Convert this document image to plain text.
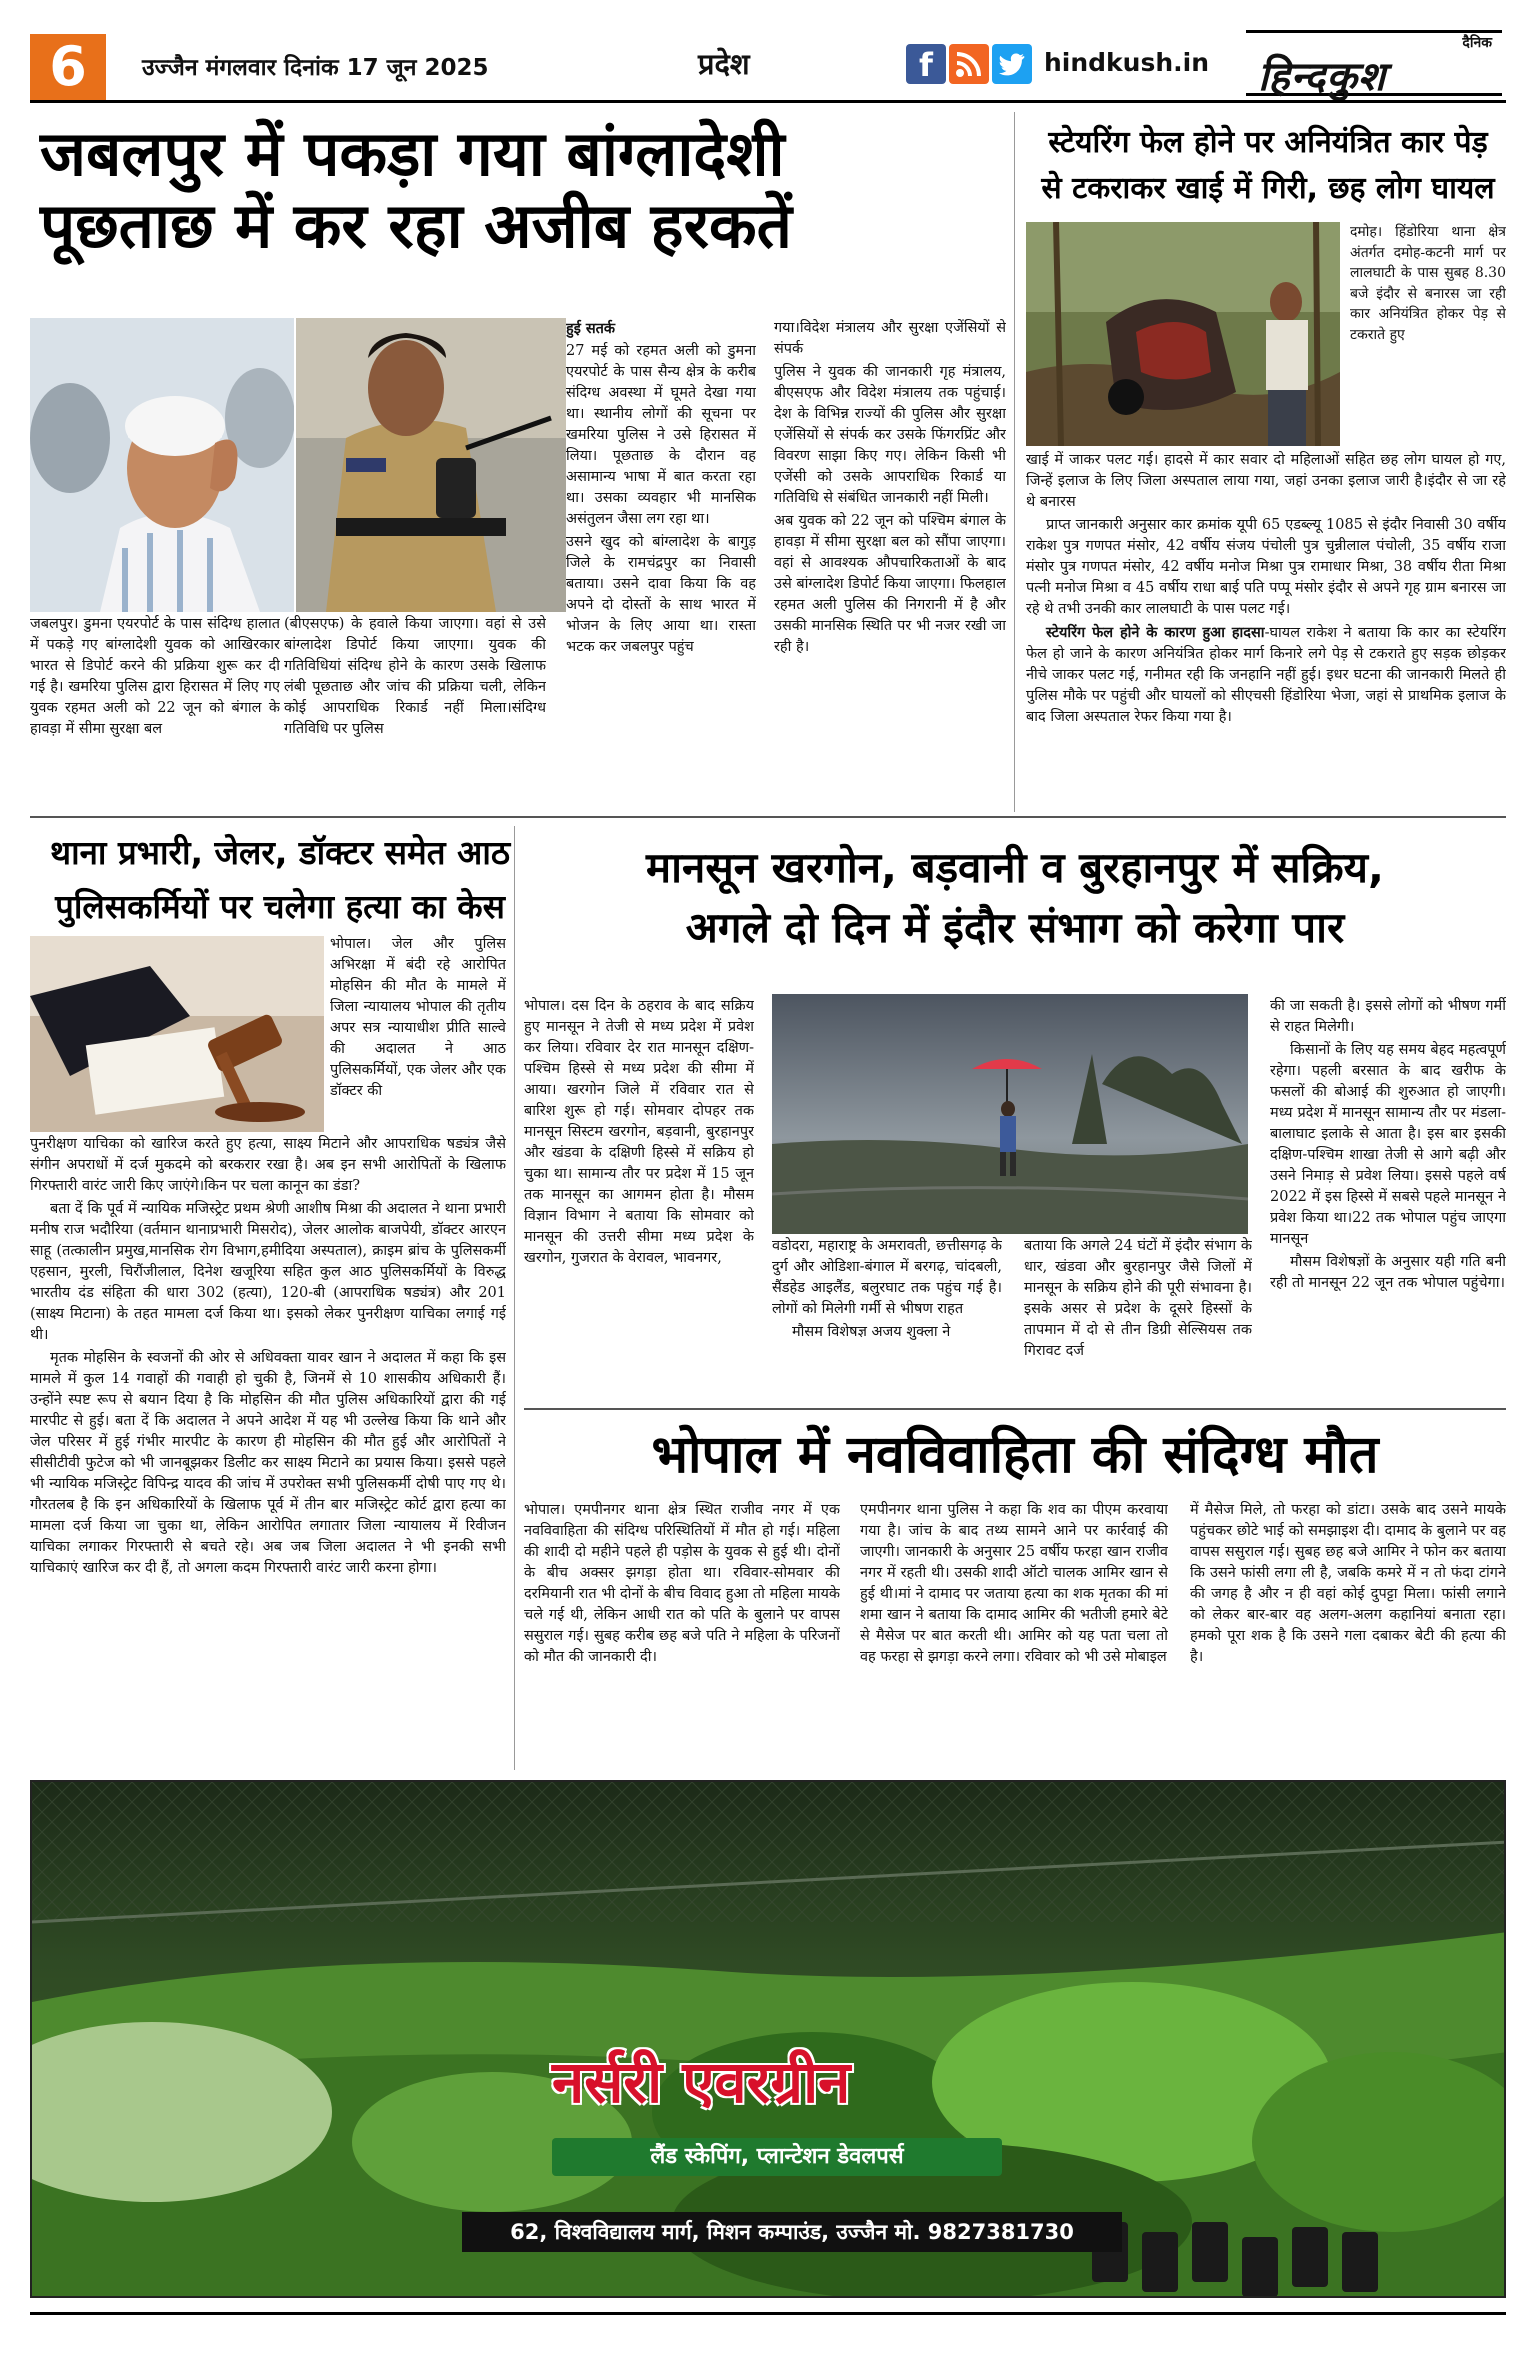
6	उज्जैन मंगलवार दिनांक 17 जून 2025	प्रदेश	f	hindkush.in
दैनिक
हिन्दकुश
जबलपुर में पकड़ा गया बांग्लादेशी
पूछताछ में कर रहा अजीब हरकतें
जबलपुर। डुमना एयरपोर्ट के पास संदिग्ध हालात में पकड़े गए बांग्लादेशी युवक को आखिरकार भारत से डिपोर्ट करने की प्रक्रिया शुरू कर दी गई है। खमरिया पुलिस द्वारा हिरासत में लिए गए युवक रहमत अली को 22 जून को बंगाल के हावड़ा में सीमा सुरक्षा बल
(बीएसएफ) के हवाले किया जाएगा। वहां से उसे बांग्लादेश डिपोर्ट किया जाएगा। युवक की गतिविधियां संदिग्ध होने के कारण उसके खिलाफ लंबी पूछताछ और जांच की प्रक्रिया चली, लेकिन कोई आपराधिक रिकार्ड नहीं मिला।संदिग्ध गतिविधि पर पुलिस

हुई सतर्क

27 मई को रहमत अली को डुमना एयरपोर्ट के पास सैन्य क्षेत्र के करीब संदिग्ध अवस्था में घूमते देखा गया था। स्थानीय लोगों की सूचना पर खमरिया पुलिस ने उसे हिरासत में लिया। पूछताछ के दौरान वह असामान्य भाषा में बात करता रहा था। उसका व्यवहार भी मानसिक असंतुलन जैसा लग रहा था।

उसने खुद को बांग्लादेश के बागुड़ जिले के रामचंद्रपुर का निवासी बताया। उसने दावा किया कि वह अपने दो दोस्तों के साथ भारत में भोजन के लिए आया था। रास्ता भटक कर जबलपुर पहुंच

गया।विदेश मंत्रालय और सुरक्षा एजेंसियों से संपर्क

पुलिस ने युवक की जानकारी गृह मंत्रालय, बीएसएफ और विदेश मंत्रालय तक पहुंचाई। देश के विभिन्न राज्यों की पुलिस और सुरक्षा एजेंसियों से संपर्क कर उसके फिंगरप्रिंट और विवरण साझा किए गए। लेकिन किसी भी एजेंसी को उसके आपराधिक रिकार्ड या गतिविधि से संबंधित जानकारी नहीं मिली।

अब युवक को 22 जून को पश्चिम बंगाल के हावड़ा में सीमा सुरक्षा बल को सौंपा जाएगा। वहां से आवश्यक औपचारिकताओं के बाद उसे बांग्लादेश डिपोर्ट किया जाएगा। फिलहाल रहमत अली पुलिस की निगरानी में है और उसकी मानसिक स्थिति पर भी नजर रखी जा रही है।

स्टेयरिंग फेल होने पर अनियंत्रित कार पेड़
से टकराकर खाई में गिरी, छह लोग घायल
दमोह। हिंडोरिया थाना क्षेत्र अंतर्गत दमोह-कटनी मार्ग पर लालघाटी के पास सुबह 8.30 बजे इंदौर से बनारस जा रही कार अनियंत्रित होकर पेड़ से टकराते हुए

खाई में जाकर पलट गई। हादसे में कार सवार दो महिलाओं सहित छह लोग घायल हो गए, जिन्हें इलाज के लिए जिला अस्पताल लाया गया, जहां उनका इलाज जारी है।इंदौर से जा रहे थे बनारस

प्राप्त जानकारी अनुसार कार क्रमांक यूपी 65 एडब्ल्यू 1085 से इंदौर निवासी 30 वर्षीय राकेश पुत्र गणपत मंसोर, 42 वर्षीय संजय पंचोली पुत्र चुन्नीलाल पंचोली, 35 वर्षीय राजा मंसोर पुत्र गणपत मंसोर, 42 वर्षीय मनोज मिश्रा पुत्र रामाधार मिश्रा, 38 वर्षीय रीता मिश्रा पत्नी मनोज मिश्रा व 45 वर्षीय राधा बाई पति पप्पू मंसोर इंदौर से अपने गृह ग्राम बनारस जा रहे थे तभी उनकी कार लालघाटी के पास पलट गई।

स्टेयरिंग फेल होने के कारण हुआ हादसा-घायल राकेश ने बताया कि कार का स्टेयरिंग फेल हो जाने के कारण अनियंत्रित होकर मार्ग किनारे लगे पेड़ से टकराते हुए सड़क छोड़कर नीचे जाकर पलट गई, गनीमत रही कि जनहानि नहीं हुई। इधर घटना की जानकारी मिलते ही पुलिस मौके पर पहुंची और घायलों को सीएचसी हिंडोरिया भेजा, जहां से प्राथमिक इलाज के बाद जिला अस्पताल रेफर किया गया है।

थाना प्रभारी, जेलर, डॉक्टर समेत आठ
पुलिसकर्मियों पर चलेगा हत्या का केस
भोपाल। जेल और पुलिस अभिरक्षा में बंदी रहे आरोपित मोहसिन की मौत के मामले में जिला न्यायालय भोपाल की तृतीय अपर सत्र न्यायाधीश प्रीति साल्वे की अदालत ने आठ पुलिसकर्मियों, एक जेलर और एक डॉक्टर की

पुनरीक्षण याचिका को खारिज करते हुए हत्या, साक्ष्य मिटाने और आपराधिक षड्यंत्र जैसे संगीन अपराधों में दर्ज मुकदमे को बरकरार रखा है। अब इन सभी आरोपितों के खिलाफ गिरफ्तारी वारंट जारी किए जाएंगे।किन पर चला कानून का डंडा?

बता दें कि पूर्व में न्यायिक मजिस्ट्रेट प्रथम श्रेणी आशीष मिश्रा की अदालत ने थाना प्रभारी मनीष राज भदौरिया (वर्तमान थानाप्रभारी मिसरोद), जेलर आलोक बाजपेयी, डॉक्टर आरएन साहू (तत्कालीन प्रमुख,मानसिक रोग विभाग,हमीदिया अस्पताल), क्राइम ब्रांच के पुलिसकर्मी एहसान, मुरली, चिरौंजीलाल, दिनेश खजूरिया सहित कुल आठ पुलिसकर्मियों के विरुद्ध भारतीय दंड संहिता की धारा 302 (हत्या), 120-बी (आपराधिक षड्यंत्र) और 201 (साक्ष्य मिटाना) के तहत मामला दर्ज किया था। इसको लेकर पुनरीक्षण याचिका लगाई गई थी।

मृतक मोहसिन के स्वजनों की ओर से अधिवक्ता यावर खान ने अदालत में कहा कि इस मामले में कुल 14 गवाहों की गवाही हो चुकी है, जिनमें से 10 शासकीय अधिकारी हैं। उन्होंने स्पष्ट रूप से बयान दिया है कि मोहसिन की मौत पुलिस अधिकारियों द्वारा की गई मारपीट से हुई। बता दें कि अदालत ने अपने आदेश में यह भी उल्लेख किया कि थाने और जेल परिसर में हुई गंभीर मारपीट के कारण ही मोहसिन की मौत हुई और आरोपितों ने सीसीटीवी फुटेज को भी जानबूझकर डिलीट कर साक्ष्य मिटाने का प्रयास किया। इससे पहले भी न्यायिक मजिस्ट्रेट विपिन्द्र यादव की जांच में उपरोक्त सभी पुलिसकर्मी दोषी पाए गए थे। गौरतलब है कि इन अधिकारियों के खिलाफ पूर्व में तीन बार मजिस्ट्रेट कोर्ट द्वारा हत्या का मामला दर्ज किया जा चुका था, लेकिन आरोपित लगातार जिला न्यायालय में रिवीजन याचिका लगाकर गिरफ्तारी से बचते रहे। अब जब जिला अदालत ने भी इनकी सभी याचिकाएं खारिज कर दी हैं, तो अगला कदम गिरफ्तारी वारंट जारी करना होगा।

मानसून खरगोन, बड़वानी व बुरहानपुर में सक्रिय,
अगले दो दिन में इंदौर संभाग को करेगा पार
भोपाल। दस दिन के ठहराव के बाद सक्रिय हुए मानसून ने तेजी से मध्य प्रदेश में प्रवेश कर लिया। रविवार देर रात मानसून दक्षिण-पश्चिम हिस्से से मध्य प्रदेश की सीमा में आया। खरगोन जिले में रविवार रात से बारिश शुरू हो गई। सोमवार दोपहर तक मानसून सिस्टम खरगोन, बड़वानी, बुरहानपुर और खंडवा के दक्षिणी हिस्से में सक्रिय हो चुका था। सामान्य तौर पर प्रदेश में 15 जून तक मानसून का आगमन होता है। मौसम विज्ञान विभाग ने बताया कि सोमवार को मानसून की उत्तरी सीमा मध्य प्रदेश के खरगोन, गुजरात के वेरावल, भावनगर,

वडोदरा, महाराष्ट्र के अमरावती, छत्तीसगढ़ के दुर्ग और ओडिशा-बंगाल में बरगढ़, चांदबली, सैंडहेड आइलैंड, बलुरघाट तक पहुंच गई है।लोगों को मिलेगी गर्मी से भीषण राहत

मौसम विशेषज्ञ अजय शुक्ला ने

बताया कि अगले 24 घंटों में इंदौर संभाग के धार, खंडवा और बुरहानपुर जैसे जिलों में मानसून के सक्रिय होने की पूरी संभावना है। इसके असर से प्रदेश के दूसरे हिस्सों के तापमान में दो से तीन डिग्री सेल्सियस तक गिरावट दर्ज

की जा सकती है। इससे लोगों को भीषण गर्मी से राहत मिलेगी।

किसानों के लिए यह समय बेहद महत्वपूर्ण रहेगा। पहली बरसात के बाद खरीफ के फसलों की बोआई की शुरुआत हो जाएगी। मध्य प्रदेश में मानसून सामान्य तौर पर मंडला-बालाघाट इलाके से आता है। इस बार इसकी दक्षिण-पश्चिम शाखा तेजी से आगे बढ़ी और उसने निमाड़ से प्रवेश लिया। इससे पहले वर्ष 2022 में इस हिस्से में सबसे पहले मानसून ने प्रवेश किया था।22 तक भोपाल पहुंच जाएगा मानसून

मौसम विशेषज्ञों के अनुसार यही गति बनी रही तो मानसून 22 जून तक भोपाल पहुंचेगा।

भोपाल में नवविवाहिता की संदिग्ध मौत
भोपाल। एमपीनगर थाना क्षेत्र स्थित राजीव नगर में एक नवविवाहिता की संदिग्ध परिस्थितियों में मौत हो गई। महिला की शादी दो महीने पहले ही पड़ोस के युवक से हुई थी। दोनों के बीच अक्सर झगड़ा होता था। रविवार-सोमवार की दरमियानी रात भी दोनों के बीच विवाद हुआ तो महिला मायके चले गई थी, लेकिन आधी रात को पति के बुलाने पर वापस ससुराल गई। सुबह करीब छह बजे पति ने महिला के परिजनों को मौत की जानकारी दी।
एमपीनगर थाना पुलिस ने कहा कि शव का पीएम करवाया गया है। जांच के बाद तथ्य सामने आने पर कार्रवाई की जाएगी। जानकारी के अनुसार 25 वर्षीय फरहा खान राजीव नगर में रहती थी। उसकी शादी ऑटो चालक आमिर खान से हुई थी।मां ने दामाद पर जताया हत्या का शक मृतका की मां शमा खान ने बताया कि दामाद आमिर की भतीजी हमारे बेटे से मैसेज पर बात करती थी। आमिर को यह पता चला तो वह फरहा से झगड़ा करने लगा। रविवार को भी उसे मोबाइल
में मैसेज मिले, तो फरहा को डांटा। उसके बाद उसने मायके पहुंचकर छोटे भाई को समझाइश दी। दामाद के बुलाने पर वह वापस ससुराल गई। सुबह छह बजे आमिर ने फोन कर बताया कि उसने फांसी लगा ली है, जबकि कमरे में न तो फंदा टांगने की जगह है और न ही वहां कोई दुपट्टा मिला। फांसी लगाने को लेकर बार-बार वह अलग-अलग कहानियां बनाता रहा। हमको पूरा शक है कि उसने गला दबाकर बेटी की हत्या की है।
नर्सरी एवरग्रीन
लैंड स्केपिंग, प्लान्टेशन डेवलपर्स
62, विश्वविद्यालय मार्ग, मिशन कम्पाउंड, उज्जैन मो. 9827381730
